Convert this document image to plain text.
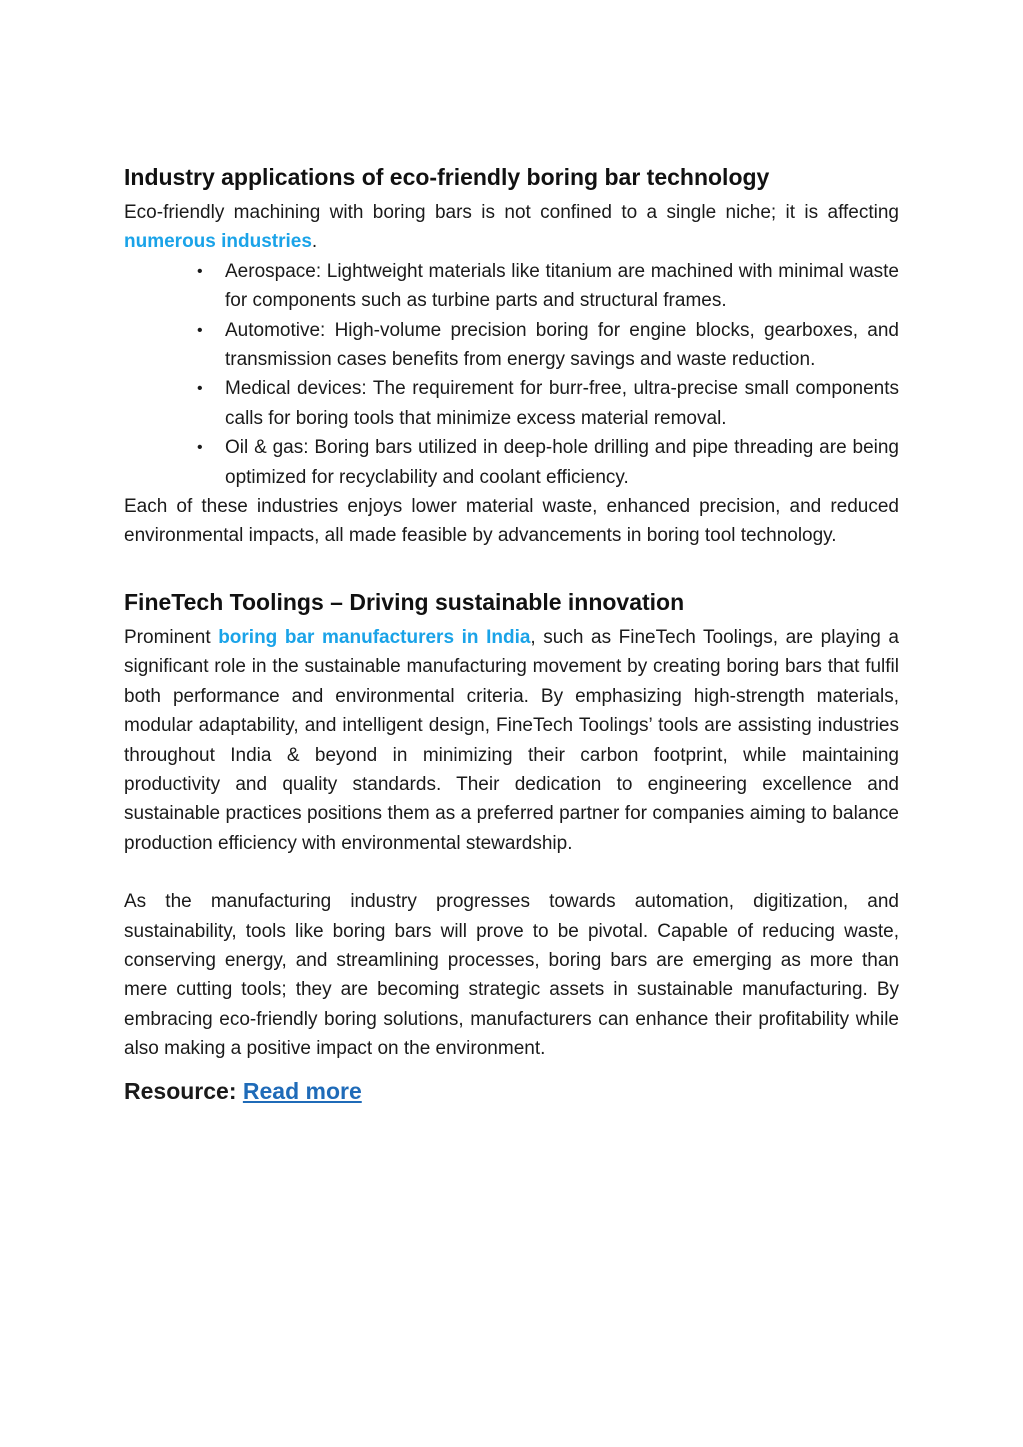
Industry applications of eco-friendly boring bar technology

Eco-friendly machining with boring bars is not confined to a single niche; it is affecting numerous industries.

• Aerospace: Lightweight materials like titanium are machined with minimal waste for components such as turbine parts and structural frames.
• Automotive: High-volume precision boring for engine blocks, gearboxes, and transmission cases benefits from energy savings and waste reduction.
• Medical devices: The requirement for burr-free, ultra-precise small components calls for boring tools that minimize excess material removal.
• Oil & gas: Boring bars utilized in deep-hole drilling and pipe threading are being optimized for recyclability and coolant efficiency.

Each of these industries enjoys lower material waste, enhanced precision, and reduced environmental impacts, all made feasible by advancements in boring tool technology.

FineTech Toolings – Driving sustainable innovation

Prominent boring bar manufacturers in India, such as FineTech Toolings, are playing a significant role in the sustainable manufacturing movement by creating boring bars that fulfil both performance and environmental criteria. By emphasizing high-strength materials, modular adaptability, and intelligent design, FineTech Toolings’ tools are assisting industries throughout India & beyond in minimizing their carbon footprint, while maintaining productivity and quality standards. Their dedication to engineering excellence and sustainable practices positions them as a preferred partner for companies aiming to balance production efficiency with environmental stewardship.

As the manufacturing industry progresses towards automation, digitization, and sustainability, tools like boring bars will prove to be pivotal. Capable of reducing waste, conserving energy, and streamlining processes, boring bars are emerging as more than mere cutting tools; they are becoming strategic assets in sustainable manufacturing. By embracing eco-friendly boring solutions, manufacturers can enhance their profitability while also making a positive impact on the environment.

Resource: Read more
